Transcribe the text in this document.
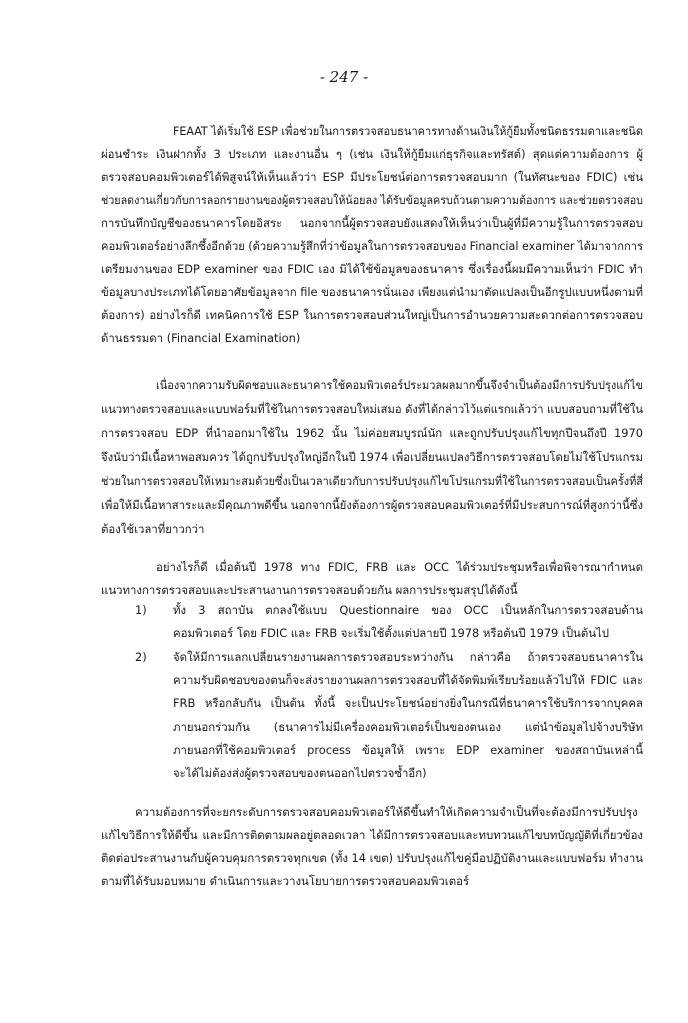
- 247 -
FEAAT ได้เริ่มใช้ ESP เพื่อช่วยในการตรวจสอบธนาคารทางด้านเงินให้กู้ยืมทั้งชนิดธรรมดาและชนิด
ผ่อนชำระ เงินฝากทั้ง 3 ประเภท และงานอื่น ๆ (เช่น เงินให้กู้ยืมแก่ธุรกิจและทรัสต์) สุดแต่ความต้องการ ผู้
ตรวจสอบคอมพิวเตอร์ได้พิสูจน์ให้เห็นแล้วว่า ESP มีประโยชน์ต่อการตรวจสอบมาก (ในทัศนะของ FDIC) เช่น
ช่วยลดงานเกี่ยวกับการลอกรายงานของผู้ตรวจสอบให้น้อยลง ได้รับข้อมูลครบถ้วนตามความต้องการ และช่วยตรวจสอบ
การบันทึกบัญชีของธนาคารโดยอิสระ นอกจากนี้ผู้ตรวจสอบยังแสดงให้เห็นว่าเป็นผู้ที่มีความรู้ในการตรวจสอบ
คอมพิวเตอร์อย่างลึกซึ้งอีกด้วย (ด้วยความรู้สึกที่ว่าข้อมูลในการตรวจสอบของ Financial examiner ได้มาจากการ
เตรียมงานของ EDP examiner ของ FDIC เอง มิได้ใช้ข้อมูลของธนาคาร ซึ่งเรื่องนี้ผมมีความเห็นว่า FDIC ทำ
ข้อมูลบางประเภทได้โดยอาศัยข้อมูลจาก file ของธนาคารนั่นเอง เพียงแต่นำมาตัดแปลงเป็นอีกรูปแบบหนึ่งตามที่
ต้องการ) อย่างไรก็ดี เทคนิคการใช้ ESP ในการตรวจสอบส่วนใหญ่เป็นการอำนวยความสะดวกต่อการตรวจสอบ
ด้านธรรมดา (Financial Examination)
เนื่องจากความรับผิดชอบและธนาคารใช้คอมพิวเตอร์ประมวลผลมากขึ้นจึงจำเป็นต้องมีการปรับปรุงแก้ไข
แนวทางตรวจสอบและแบบฟอร์มที่ใช้ในการตรวจสอบใหม่เสมอ ดังที่ได้กล่าวไว้แต่แรกแล้วว่า แบบสอบถามที่ใช้ใน
การตรวจสอบ EDP ที่นำออกมาใช้ใน 1962 นั้น ไม่ค่อยสมบูรณ์นัก และถูกปรับปรุงแก้ไขทุกปีจนถึงปี 1970
จึงนับว่ามีเนื้อหาพอสมควร ได้ถูกปรับปรุงใหญ่อีกในปี 1974 เพื่อเปลี่ยนแปลงวิธีการตรวจสอบโดยไม่ใช้โปรแกรม
ช่วยในการตรวจสอบให้เหมาะสมด้วยซึ่งเป็นเวลาเดียวกับการปรับปรุงแก้ไขโปรแกรมที่ใช้ในการตรวจสอบเป็นครั้งที่สี่
เพื่อให้มีเนื้อหาสาระและมีคุณภาพดีขึ้น นอกจากนี้ยังต้องการผู้ตรวจสอบคอมพิวเตอร์ที่มีประสบการณ์ที่สูงกว่านี้ซึ่ง
ต้องใช้เวลาที่ยาวกว่า
อย่างไรก็ดี เมื่อต้นปี 1978 ทาง FDIC, FRB และ OCC ได้ร่วมประชุมหรือเพื่อพิจารณากำหนด
แนวทางการตรวจสอบและประสานงานการตรวจสอบด้วยกัน ผลการประชุมสรุปได้ดังนี้
1) ทั้ง 3 สถาบัน ตกลงใช้แบบ Questionnaire ของ OCC เป็นหลักในการตรวจสอบด้าน
คอมพิวเตอร์ โดย FDIC และ FRB จะเริ่มใช้ตั้งแต่ปลายปี 1978 หรือต้นปี 1979 เป็นต้นไป
2) จัดให้มีการแลกเปลี่ยนรายงานผลการตรวจสอบระหว่างกัน กล่าวคือ ถ้าตรวจสอบธนาคารใน
ความรับผิดชอบของตนก็จะส่งรายงานผลการตรวจสอบที่ได้จัดพิมพ์เรียบร้อยแล้วไปให้ FDIC และ
FRB หรือกลับกัน เป็นต้น ทั้งนี้ จะเป็นประโยชน์อย่างยิ่งในกรณีที่ธนาคารใช้บริการจากบุคคล
ภายนอกร่วมกัน (ธนาคารไม่มีเครื่องคอมพิวเตอร์เป็นของตนเอง แต่นำข้อมูลไปจ้างบริษัท
ภายนอกที่ใช้คอมพิวเตอร์ process ข้อมูลให้ เพราะ EDP examiner ของสถาบันเหล่านี้
จะได้ไม่ต้องส่งผู้ตรวจสอบของตนออกไปตรวจซ้ำอีก)
ความต้องการที่จะยกระดับการตรวจสอบคอมพิวเตอร์ให้ดีขึ้นทำให้เกิดความจำเป็นที่จะต้องมีการปรับปรุง
แก้ไขวิธีการให้ดีขึ้น และมีการติดตามผลอยู่ตลอดเวลา ได้มีการตรวจสอบและทบทวนแก้ไขบทบัญญัติที่เกี่ยวข้อง
ติดต่อประสานงานกับผู้ควบคุมการตรวจทุกเขต (ทั้ง 14 เขต) ปรับปรุงแก้ไขคู่มือปฏิบัติงานและแบบฟอร์ม ทำงาน
ตามที่ได้รับมอบหมาย ดำเนินการและวางนโยบายการตรวจสอบคอมพิวเตอร์
